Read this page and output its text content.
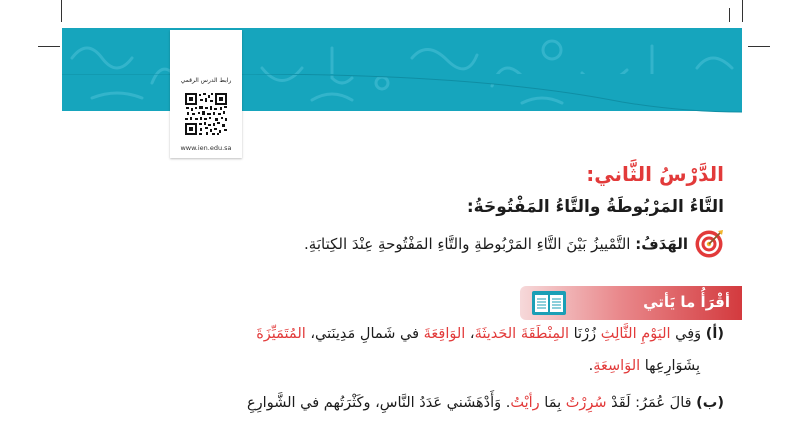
رابط الدرس الرقمي
www.ien.edu.sa
الدَّرْسُ الثَّاني:
التَّاءُ المَرْبُوطَةُ والتَّاءُ المَفْتُوحَةُ:
الهَدَفُ: التَّمْييزُ بَيْنَ التَّاءِ المَرْبُوطةِ والتَّاءِ المَفْتُوحةِ عِنْدَ الكِتابَةِ.
أقْرَأُ ما يَأتي
(أ) وَفِي اليَوْمِ الثَّالِثِ زُرْنَا المِنْطَقَةَ الحَديثَةَ، الوَاقِعَةَ في شَمالِ مَدِينَتي، المُتَمَيِّزَةَ
بِشَوَارِعِها الوَاسِعَةِ.
(ب) قالَ عُمَرُ: لَقَدْ سُرِرْتُ بِمَا رأيْتُ. وَأَدْهَشَني عَدَدُ النَّاسِ، وكَثْرَتُهم في الشَّوارِعِ
